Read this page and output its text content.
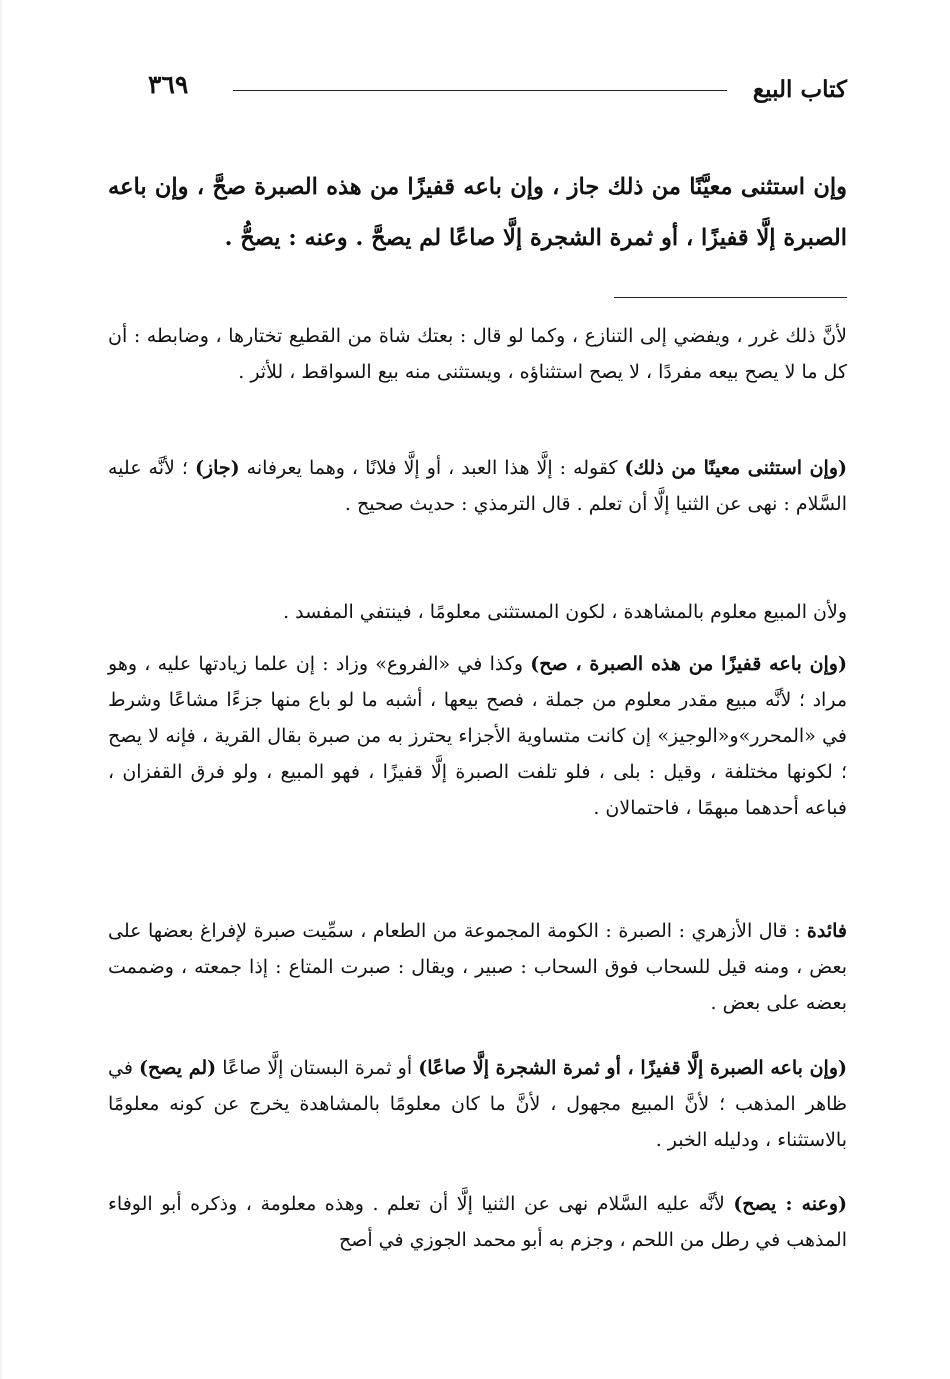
كتاب البيع
٣٦٩
وإن استثنى معيَّنًا من ذلك جاز ، وإن باعه قفيزًا من هذه الصبرة صحَّ ، وإن باعه الصبرة إلَّا قفيزًا ، أو ثمرة الشجرة إلَّا صاعًا لم يصحَّ . وعنه : يصحُّ .

لأنَّ ذلك غرر ، ويفضي إلى التنازع ، وكما لو قال : بعتك شاة من القطيع تختارها ، وضابطه : أن كل ما لا يصح بيعه مفردًا ، لا يصح استثناؤه ، ويستثنى منه بيع السواقط ، للأثر .

(وإن استثنى معينًا من ذلك) كقوله : إلَّا هذا العبد ، أو إلَّا فلانًا ، وهما يعرفانه (جاز) ؛ لأنَّه عليه السَّلام : نهى عن الثنيا إلَّا أن تعلم . قال الترمذي : حديث صحيح .

ولأن المبيع معلوم بالمشاهدة ، لكون المستثنى معلومًا ، فينتفي المفسد .

(وإن باعه قفيزًا من هذه الصبرة ، صح) وكذا في «الفروع» وزاد : إن علما زيادتها عليه ، وهو مراد ؛ لأنَّه مبيع مقدر معلوم من جملة ، فصح بيعها ، أشبه ما لو باع منها جزءًا مشاعًا وشرط في «المحرر»و«الوجيز» إن كانت متساوية الأجزاء يحترز به من صبرة بقال القرية ، فإنه لا يصح ؛ لكونها مختلفة ، وقيل : بلى ، فلو تلفت الصبرة إلَّا قفيزًا ، فهو المبيع ، ولو فرق القفزان ، فباعه أحدهما مبهمًا ، فاحتمالان .

فائدة : قال الأزهري : الصبرة : الكومة المجموعة من الطعام ، سمِّيت صبرة لإفراغ بعضها على بعض ، ومنه قيل للسحاب فوق السحاب : صبير ، ويقال : صبرت المتاع : إذا جمعته ، وضممت بعضه على بعض .

(وإن باعه الصبرة إلَّا قفيزًا ، أو ثمرة الشجرة إلَّا صاعًا) أو ثمرة البستان إلَّا صاعًا (لم يصح) في ظاهر المذهب ؛ لأنَّ المبيع مجهول ، لأنَّ ما كان معلومًا بالمشاهدة يخرج عن كونه معلومًا بالاستثناء ، ودليله الخبر .

(وعنه : يصح) لأنَّه عليه السَّلام نهى عن الثنيا إلَّا أن تعلم . وهذه معلومة ، وذكره أبو الوفاء المذهب في رطل من اللحم ، وجزم به أبو محمد الجوزي في أصح
